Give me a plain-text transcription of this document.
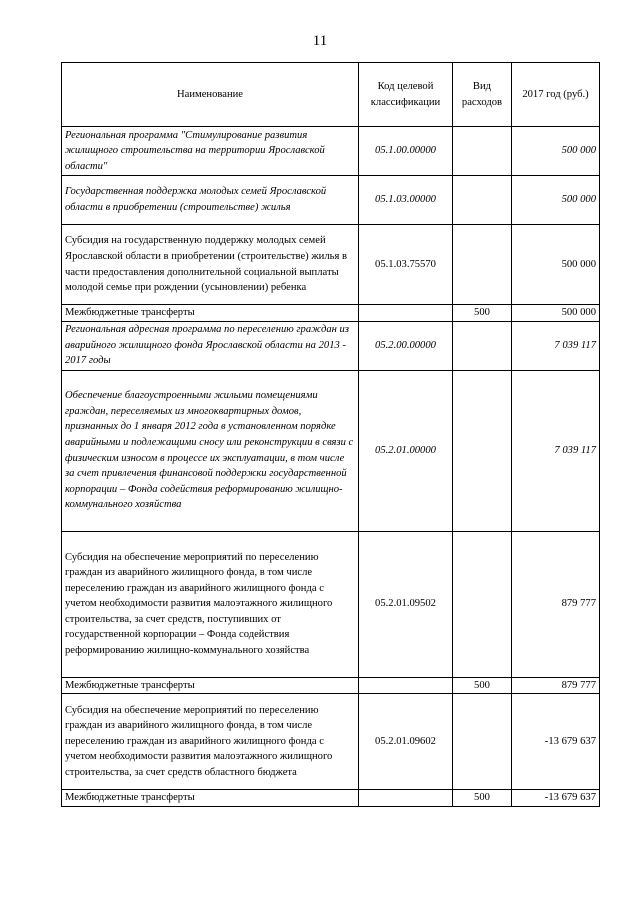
11
Наименование	Код целевой классификации	Вид расходов	2017 год (руб.)
Региональная программа "Стимулирование развития жилищного строительства на территории Ярославской области"	05.1.00.00000		500 000
Государственная поддержка молодых семей Ярославской области в приобретении (строительстве) жилья	05.1.03.00000		500 000
Субсидия на государственную поддержку молодых семей Ярославской области в приобретении (строительстве) жилья в части предоставления дополнительной социальной выплаты молодой семье при рождении (усыновлении) ребенка	05.1.03.75570		500 000
Межбюджетные трансферты		500	500 000
Региональная адресная программа по переселению граждан из аварийного жилищного фонда Ярославской области на 2013 - 2017 годы	05.2.00.00000		7 039 117
Обеспечение благоустроенными жилыми помещениями граждан, переселяемых из многоквартирных домов, признанных до 1 января 2012 года в установленном порядке аварийными и подлежащими сносу или реконструкции в связи с физическим износом в процессе их эксплуатации, в том числе за счет привлечения финансовой поддержки государственной корпорации – Фонда содействия реформированию жилищно-коммунального хозяйства	05.2.01.00000		7 039 117
Субсидия на обеспечение мероприятий по переселению граждан из аварийного жилищного фонда, в том числе переселению граждан из аварийного жилищного фонда с учетом необходимости развития малоэтажного жилищного строительства, за счет средств, поступивших от государственной корпорации – Фонда содействия реформированию жилищно-коммунального хозяйства	05.2.01.09502		879 777
Межбюджетные трансферты		500	879 777
Субсидия на обеспечение мероприятий по переселению граждан из аварийного жилищного фонда, в том числе переселению граждан из аварийного жилищного фонда с учетом необходимости развития малоэтажного жилищного строительства, за счет средств областного бюджета	05.2.01.09602		-13 679 637
Межбюджетные трансферты		500	-13 679 637
